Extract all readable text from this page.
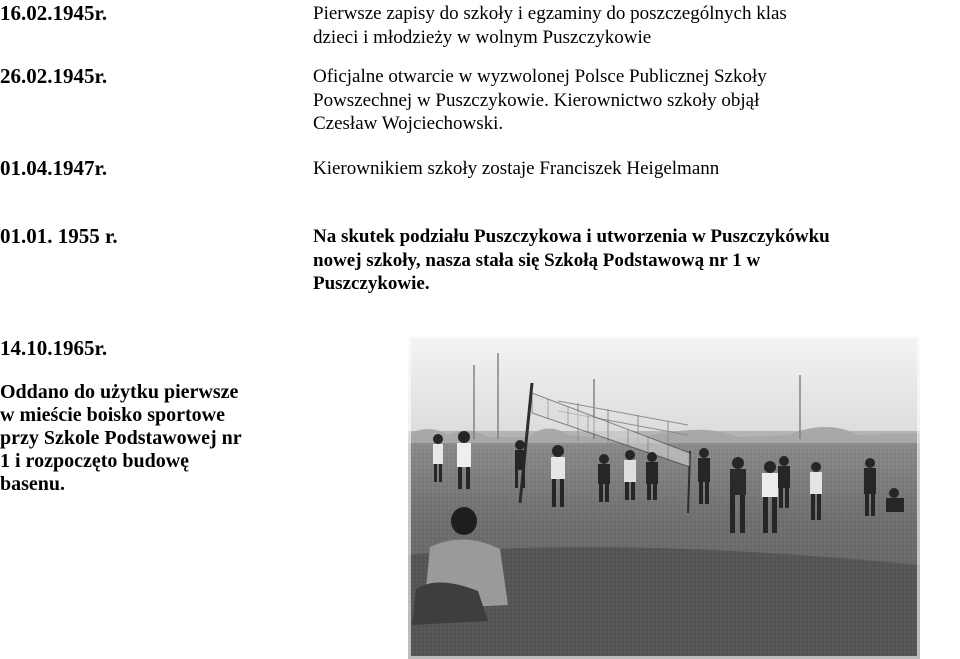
16.02.1945r.	Pierwsze zapisy do szkoły i egzaminy do poszczególnych klas
dzieci i młodzieży w wolnym Puszczykowie
26.02.1945r.	Oficjalne otwarcie w wyzwolonej Polsce Publicznej Szkoły
Powszechnej w Puszczykowie. Kierownictwo szkoły objął
Czesław Wojciechowski.
01.04.1947r.	Kierownikiem szkoły zostaje Franciszek Heigelmann
01.01. 1955 r.	Na skutek podziału Puszczykowa i utworzenia w Puszczykówku
nowej szkoły, nasza stała się Szkołą Podstawową nr 1 w
Puszczykowie.
14.10.1965r.
Oddano do użytku pierwsze
w mieście boisko sportowe
przy Szkole Podstawowej nr
1 i rozpoczęto budowę
basenu.
